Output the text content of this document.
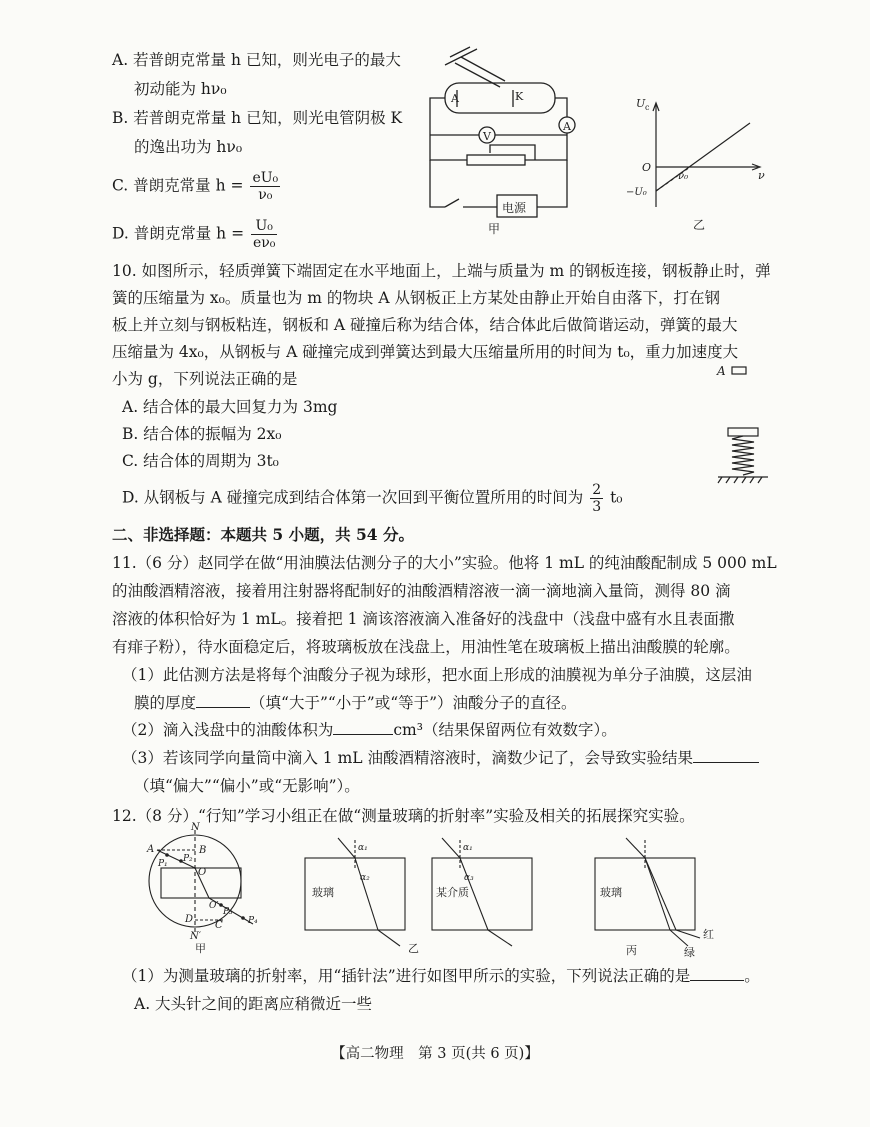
A. 若普朗克常量 h 已知，则光电子的最大
初动能为 hν₀
B. 若普朗克常量 h 已知，则光电管阴极 K
的逸出功为 hν₀
C. 普朗克常量 $h = \frac{\text{eU₀}}{\text{ν₀}}$
D. 普朗克常量 $h = \frac{\text{U₀}}{\text{eν₀}}$
A	K
V
A
电源
甲
U c
O
ν₀	ν
−U₀
乙
10. 如图所示，轻质弹簧下端固定在水平地面上，上端与质量为 m 的钢板连接，钢板静止时，弹
簧的压缩量为 x₀。质量也为 m 的物块 A 从钢板正上方某处由静止开始自由落下，打在钢
板上并立刻与钢板粘连，钢板和 A 碰撞后称为结合体，结合体此后做简谐运动，弹簧的最大
压缩量为 4x₀，从钢板与 A 碰撞完成到弹簧达到最大压缩量所用的时间为 t₀，重力加速度大
小为 g，下列说法正确的是
A. 结合体的最大回复力为 3mg
B. 结合体的振幅为 2x₀
C. 结合体的周期为 3t₀
D. 从钢板与 A 碰撞完成到结合体第一次回到平衡位置所用的时间为 $\frac{2}{3} t_0$
A
二、非选择题：本题共 5 小题，共 54 分。
11.（6 分）赵同学在做“用油膜法估测分子的大小”实验。他将 1 mL 的纯油酸配制成 5 000 mL
的油酸酒精溶液，接着用注射器将配制好的油酸酒精溶液一滴一滴地滴入量筒，测得 80 滴
溶液的体积恰好为 1 mL。接着把 1 滴该溶液滴入准备好的浅盘中（浅盘中盛有水且表面撒
有痱子粉），待水面稳定后，将玻璃板放在浅盘上，用油性笔在玻璃板上描出油酸膜的轮廓。
（1）此估测方法是将每个油酸分子视为球形，把水面上形成的油膜视为单分子油膜，这层油
膜的厚度	（填“大于”“小于”或“等于”）油酸分子的直径。
（2）滴入浅盘中的油酸体积为	cm³（结果保留两位有效数字）。
（3）若该同学向量筒中滴入 1 mL 油酸酒精溶液时，滴数少记了，会导致实验结果
（填“偏大”“偏小”或“无影响”）。
12.（8 分）“行知”学习小组正在做“测量玻璃的折射率”实验及相关的拓展探究实验。
N
A	B
P₁ P₂
O
O′
P₃
P₄
D
C
N′
甲
α₁
α₂
玻璃
乙
α₁
α₃
某介质	玻璃
红
绿
丙
（1）为测量玻璃的折射率，用“插针法”进行如图甲所示的实验，下列说法正确的是	。
A. 大头针之间的距离应稍微近一些
【高二物理　第 3 页(共 6 页)】
